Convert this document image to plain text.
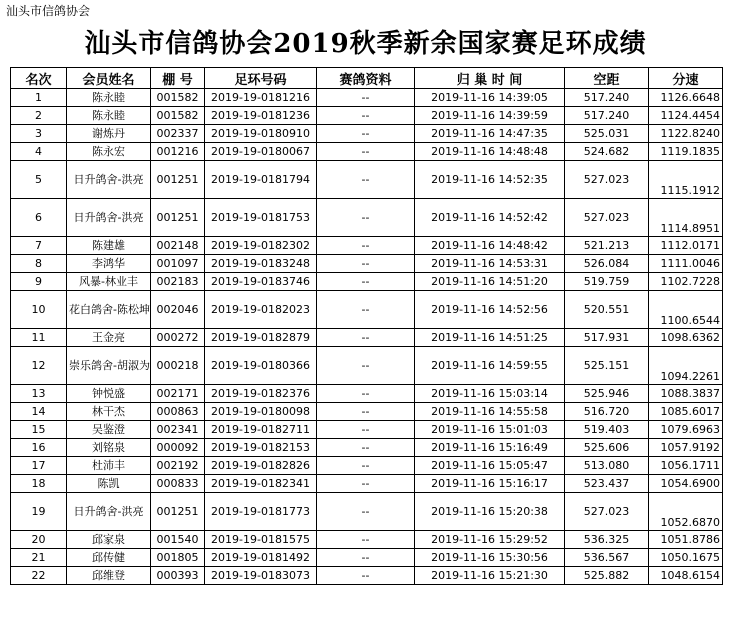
汕头市信鸽协会
汕头市信鸽协会2019秋季新余国家赛足环成绩
名次	会员姓名	棚 号	足环号码	赛鸽资料	归 巢 时 间	空距	分速
1	陈永睦	001582	2019-19-0181216	--	2019-11-16 14:39:05	517.240	1126.6648
2	陈永睦	001582	2019-19-0181236	--	2019-11-16 14:39:59	517.240	1124.4454
3	谢炼丹	002337	2019-19-0180910	--	2019-11-16 14:47:35	525.031	1122.8240
4	陈永宏	001216	2019-19-0180067	--	2019-11-16 14:48:48	524.682	1119.1835
5	日升鸽舍-洪亮	001251	2019-19-0181794	--	2019-11-16 14:52:35	527.023	1115.1912
6	日升鸽舍-洪亮	001251	2019-19-0181753	--	2019-11-16 14:52:42	527.023	1114.8951
7	陈建雄	002148	2019-19-0182302	--	2019-11-16 14:48:42	521.213	1112.0171
8	李鸿华	001097	2019-19-0183248	--	2019-11-16 14:53:31	526.084	1111.0046
9	风暴-林业丰	002183	2019-19-0183746	--	2019-11-16 14:51:20	519.759	1102.7228
10	花白鸽舍-陈松坤	002046	2019-19-0182023	--	2019-11-16 14:52:56	520.551	1100.6544
11	王金亮	000272	2019-19-0182879	--	2019-11-16 14:51:25	517.931	1098.6362
12	崇乐鸽舍-胡淑为	000218	2019-19-0180366	--	2019-11-16 14:59:55	525.151	1094.2261
13	钟悦盛	002171	2019-19-0182376	--	2019-11-16 15:03:14	525.946	1088.3837
14	林干杰	000863	2019-19-0180098	--	2019-11-16 14:55:58	516.720	1085.6017
15	吴鉴澄	002341	2019-19-0182711	--	2019-11-16 15:01:03	519.403	1079.6963
16	刘铭泉	000092	2019-19-0182153	--	2019-11-16 15:16:49	525.606	1057.9192
17	杜沛丰	002192	2019-19-0182826	--	2019-11-16 15:05:47	513.080	1056.1711
18	陈凯	000833	2019-19-0182341	--	2019-11-16 15:16:17	523.437	1054.6900
19	日升鸽舍-洪亮	001251	2019-19-0181773	--	2019-11-16 15:20:38	527.023	1052.6870
20	邱家泉	001540	2019-19-0181575	--	2019-11-16 15:29:52	536.325	1051.8786
21	邱传健	001805	2019-19-0181492	--	2019-11-16 15:30:56	536.567	1050.1675
22	邱维登	000393	2019-19-0183073	--	2019-11-16 15:21:30	525.882	1048.6154
